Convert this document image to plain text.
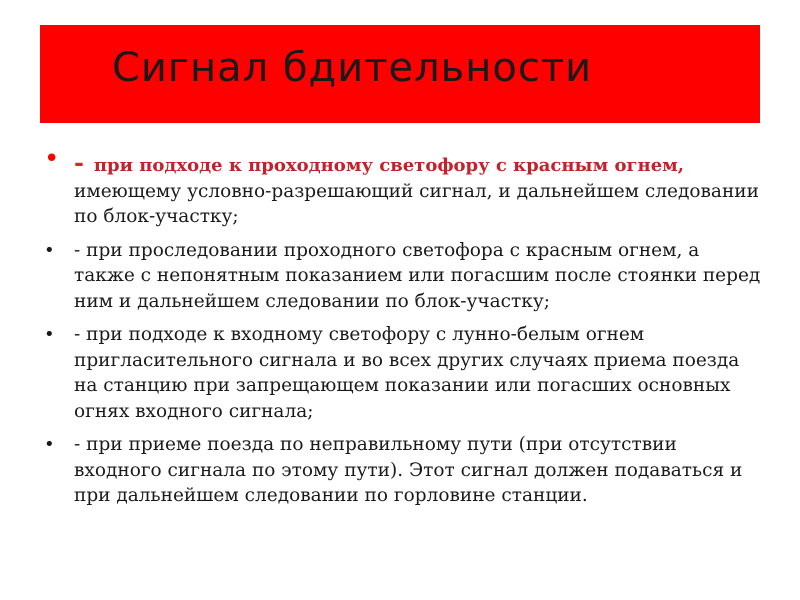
Сигнал бдительности
• - при подходе к проходному светофору с красным огнем,
имеющему условно-разрешающий сигнал, и дальнейшем следовании по блок-участку;
•	- при проследовании проходного светофора с красным огнем, а также с непонятным показанием или погасшим после стоянки перед ним и дальнейшем следовании по блок-участку;
•	- при подходе к входному светофору с лунно-белым огнем пригласительного сигнала и во всех других случаях приема поезда на станцию при запрещающем показании или погасших основных огнях входного сигнала;
•	- при приеме поезда по неправильному пути (при отсутствии входного сигнала по этому пути). Этот сигнал должен подаваться и при дальнейшем следовании по горловине станции.
